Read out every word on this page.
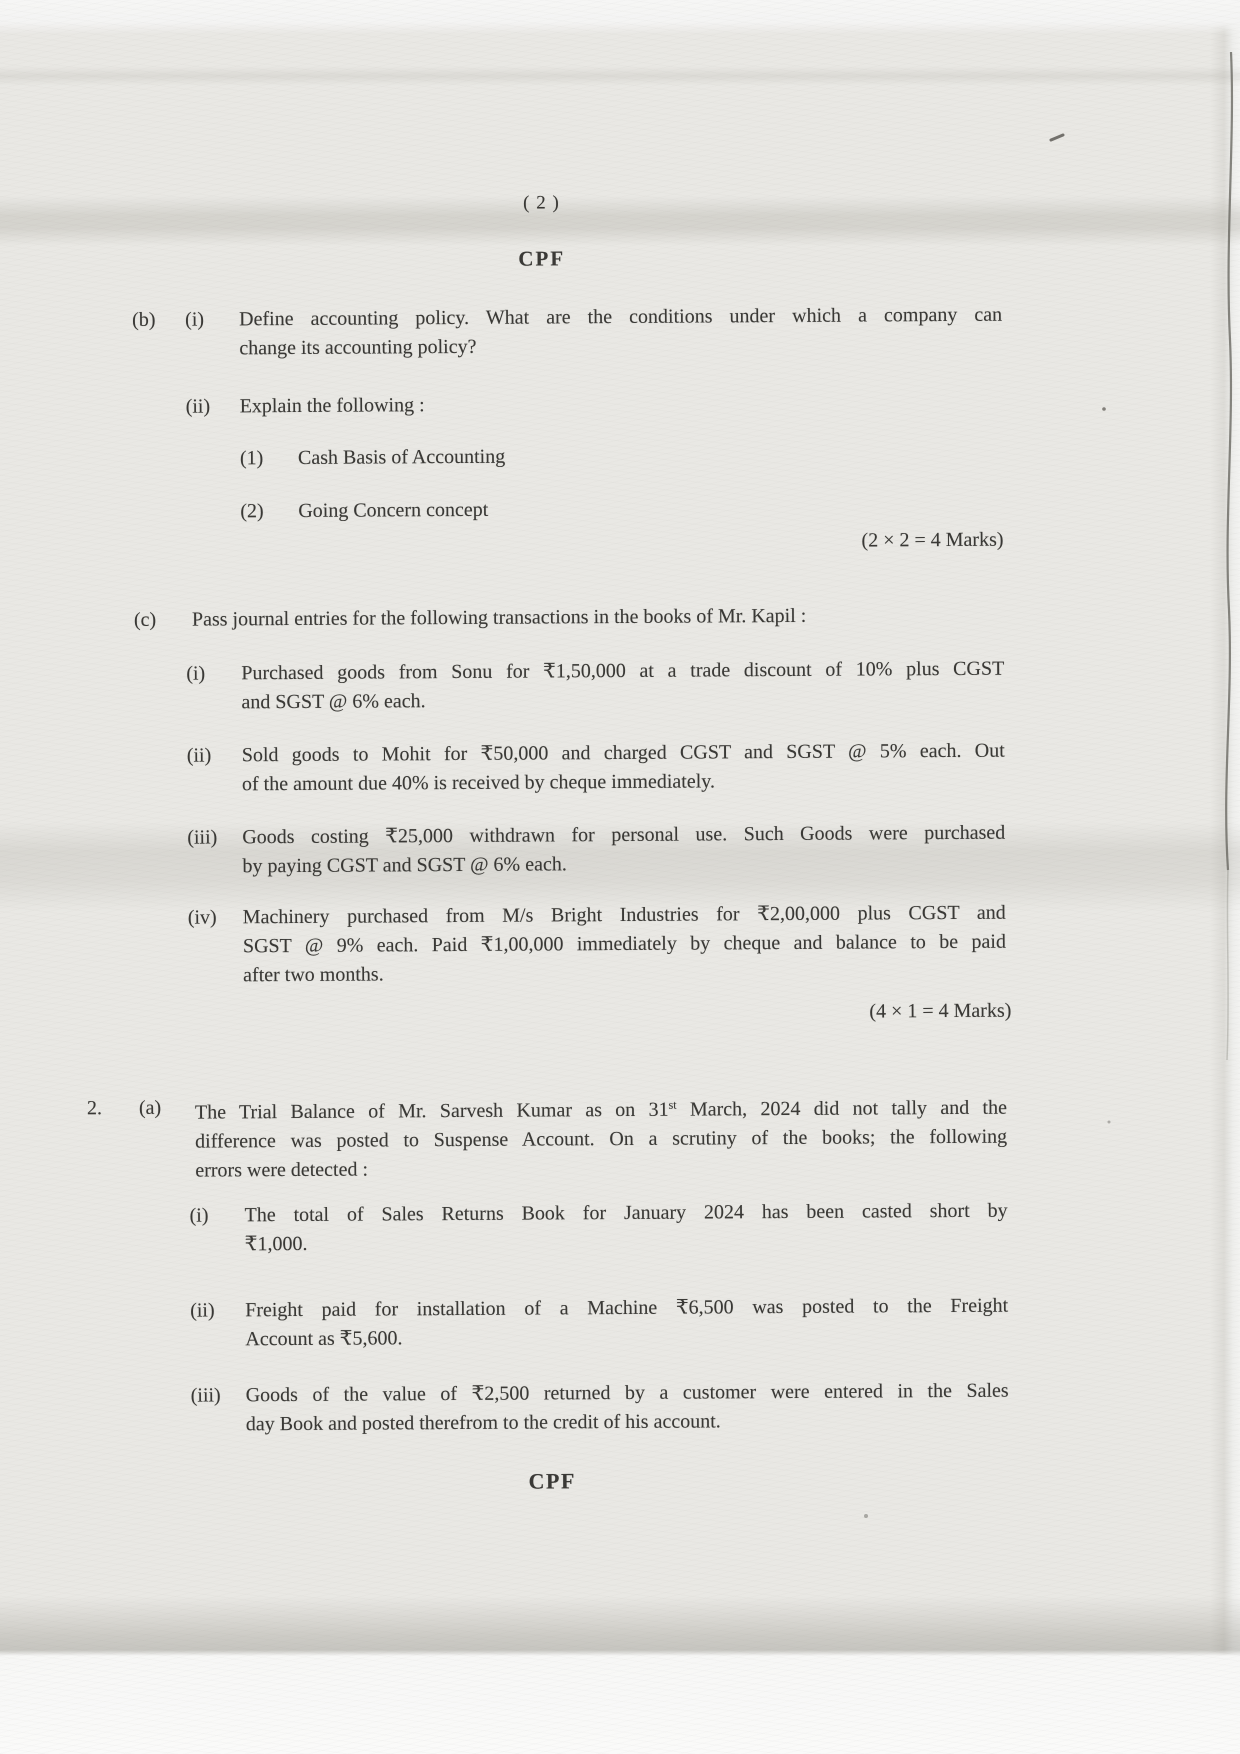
( 2 )
CPF
(b) (i) Define accounting policy. What are the conditions under which a company can
change its accounting policy?
(ii) Explain the following :
(1) Cash Basis of Accounting
(2) Going Concern concept
(2 × 2 = 4 Marks)
(c) Pass journal entries for the following transactions in the books of Mr. Kapil :
(i) Purchased goods from Sonu for ₹1,50,000 at a trade discount of 10% plus CGST
and SGST @ 6% each.
(ii) Sold goods to Mohit for ₹50,000 and charged CGST and SGST @ 5% each. Out
of the amount due 40% is received by cheque immediately.
(iii) Goods costing ₹25,000 withdrawn for personal use. Such Goods were purchased
by paying CGST and SGST @ 6% each.
(iv) Machinery purchased from M/s Bright Industries for ₹2,00,000 plus CGST and
SGST @ 9% each. Paid ₹1,00,000 immediately by cheque and balance to be paid
after two months.
(4 × 1 = 4 Marks)
2. (a) The Trial Balance of Mr. Sarvesh Kumar as on 31st March, 2024 did not tally and the
difference was posted to Suspense Account. On a scrutiny of the books; the following
errors were detected :
(i) The total of Sales Returns Book for January 2024 has been casted short by
₹1,000.
(ii) Freight paid for installation of a Machine ₹6,500 was posted to the Freight
Account as ₹5,600.
(iii) Goods of the value of ₹2,500 returned by a customer were entered in the Sales
day Book and posted therefrom to the credit of his account.
CPF
